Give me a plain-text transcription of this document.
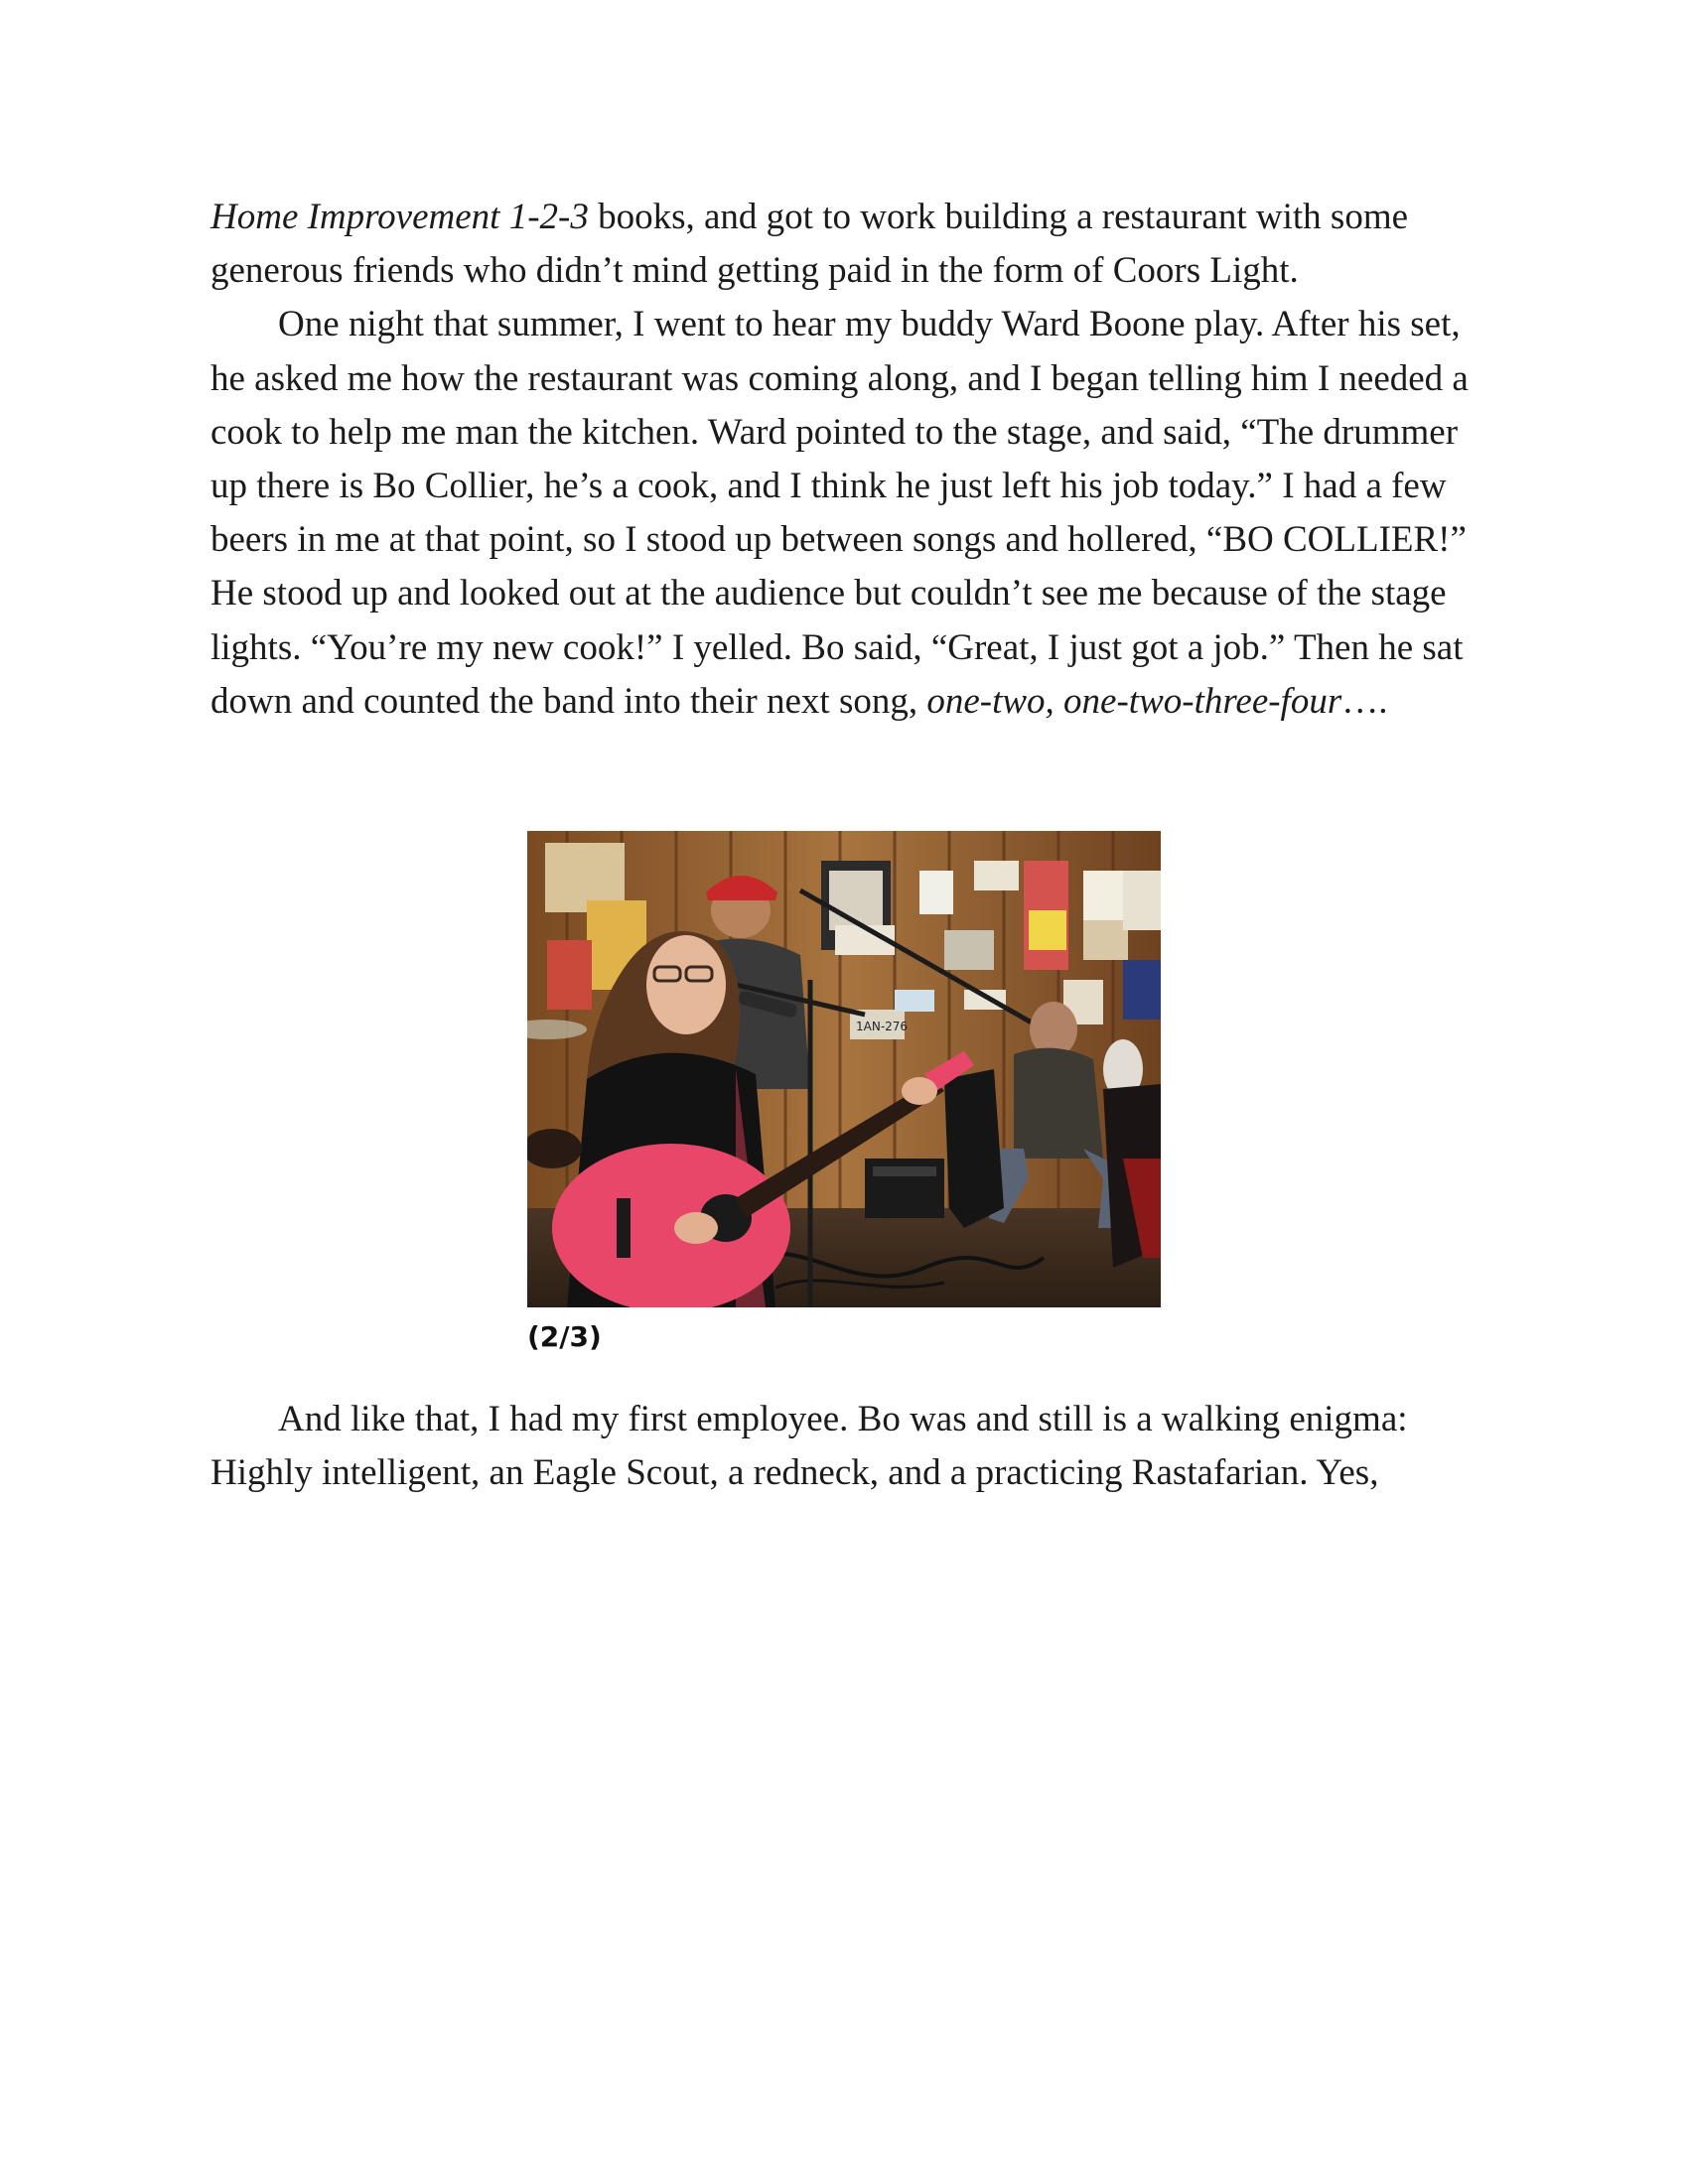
Home Improvement 1-2-3 books, and got to work building a restaurant with some generous friends who didn’t mind getting paid in the form of Coors Light.

One night that summer, I went to hear my buddy Ward Boone play. After his set, he asked me how the restaurant was coming along, and I began telling him I needed a cook to help me man the kitchen. Ward pointed to the stage, and said, “The drummer up there is Bo Collier, he’s a cook, and I think he just left his job today.” I had a few beers in me at that point, so I stood up between songs and hollered, “BO COLLIER!” He stood up and looked out at the audience but couldn’t see me because of the stage lights. “You’re my new cook!” I yelled. Bo said, “Great, I just got a job.” Then he sat down and counted the band into their next song, one-two, one-two-three-four….

1AN-276
(2/3)

And like that, I had my first employee. Bo was and still is a walking enigma: Highly intelligent, an Eagle Scout, a redneck, and a practicing Rastafarian. Yes,
